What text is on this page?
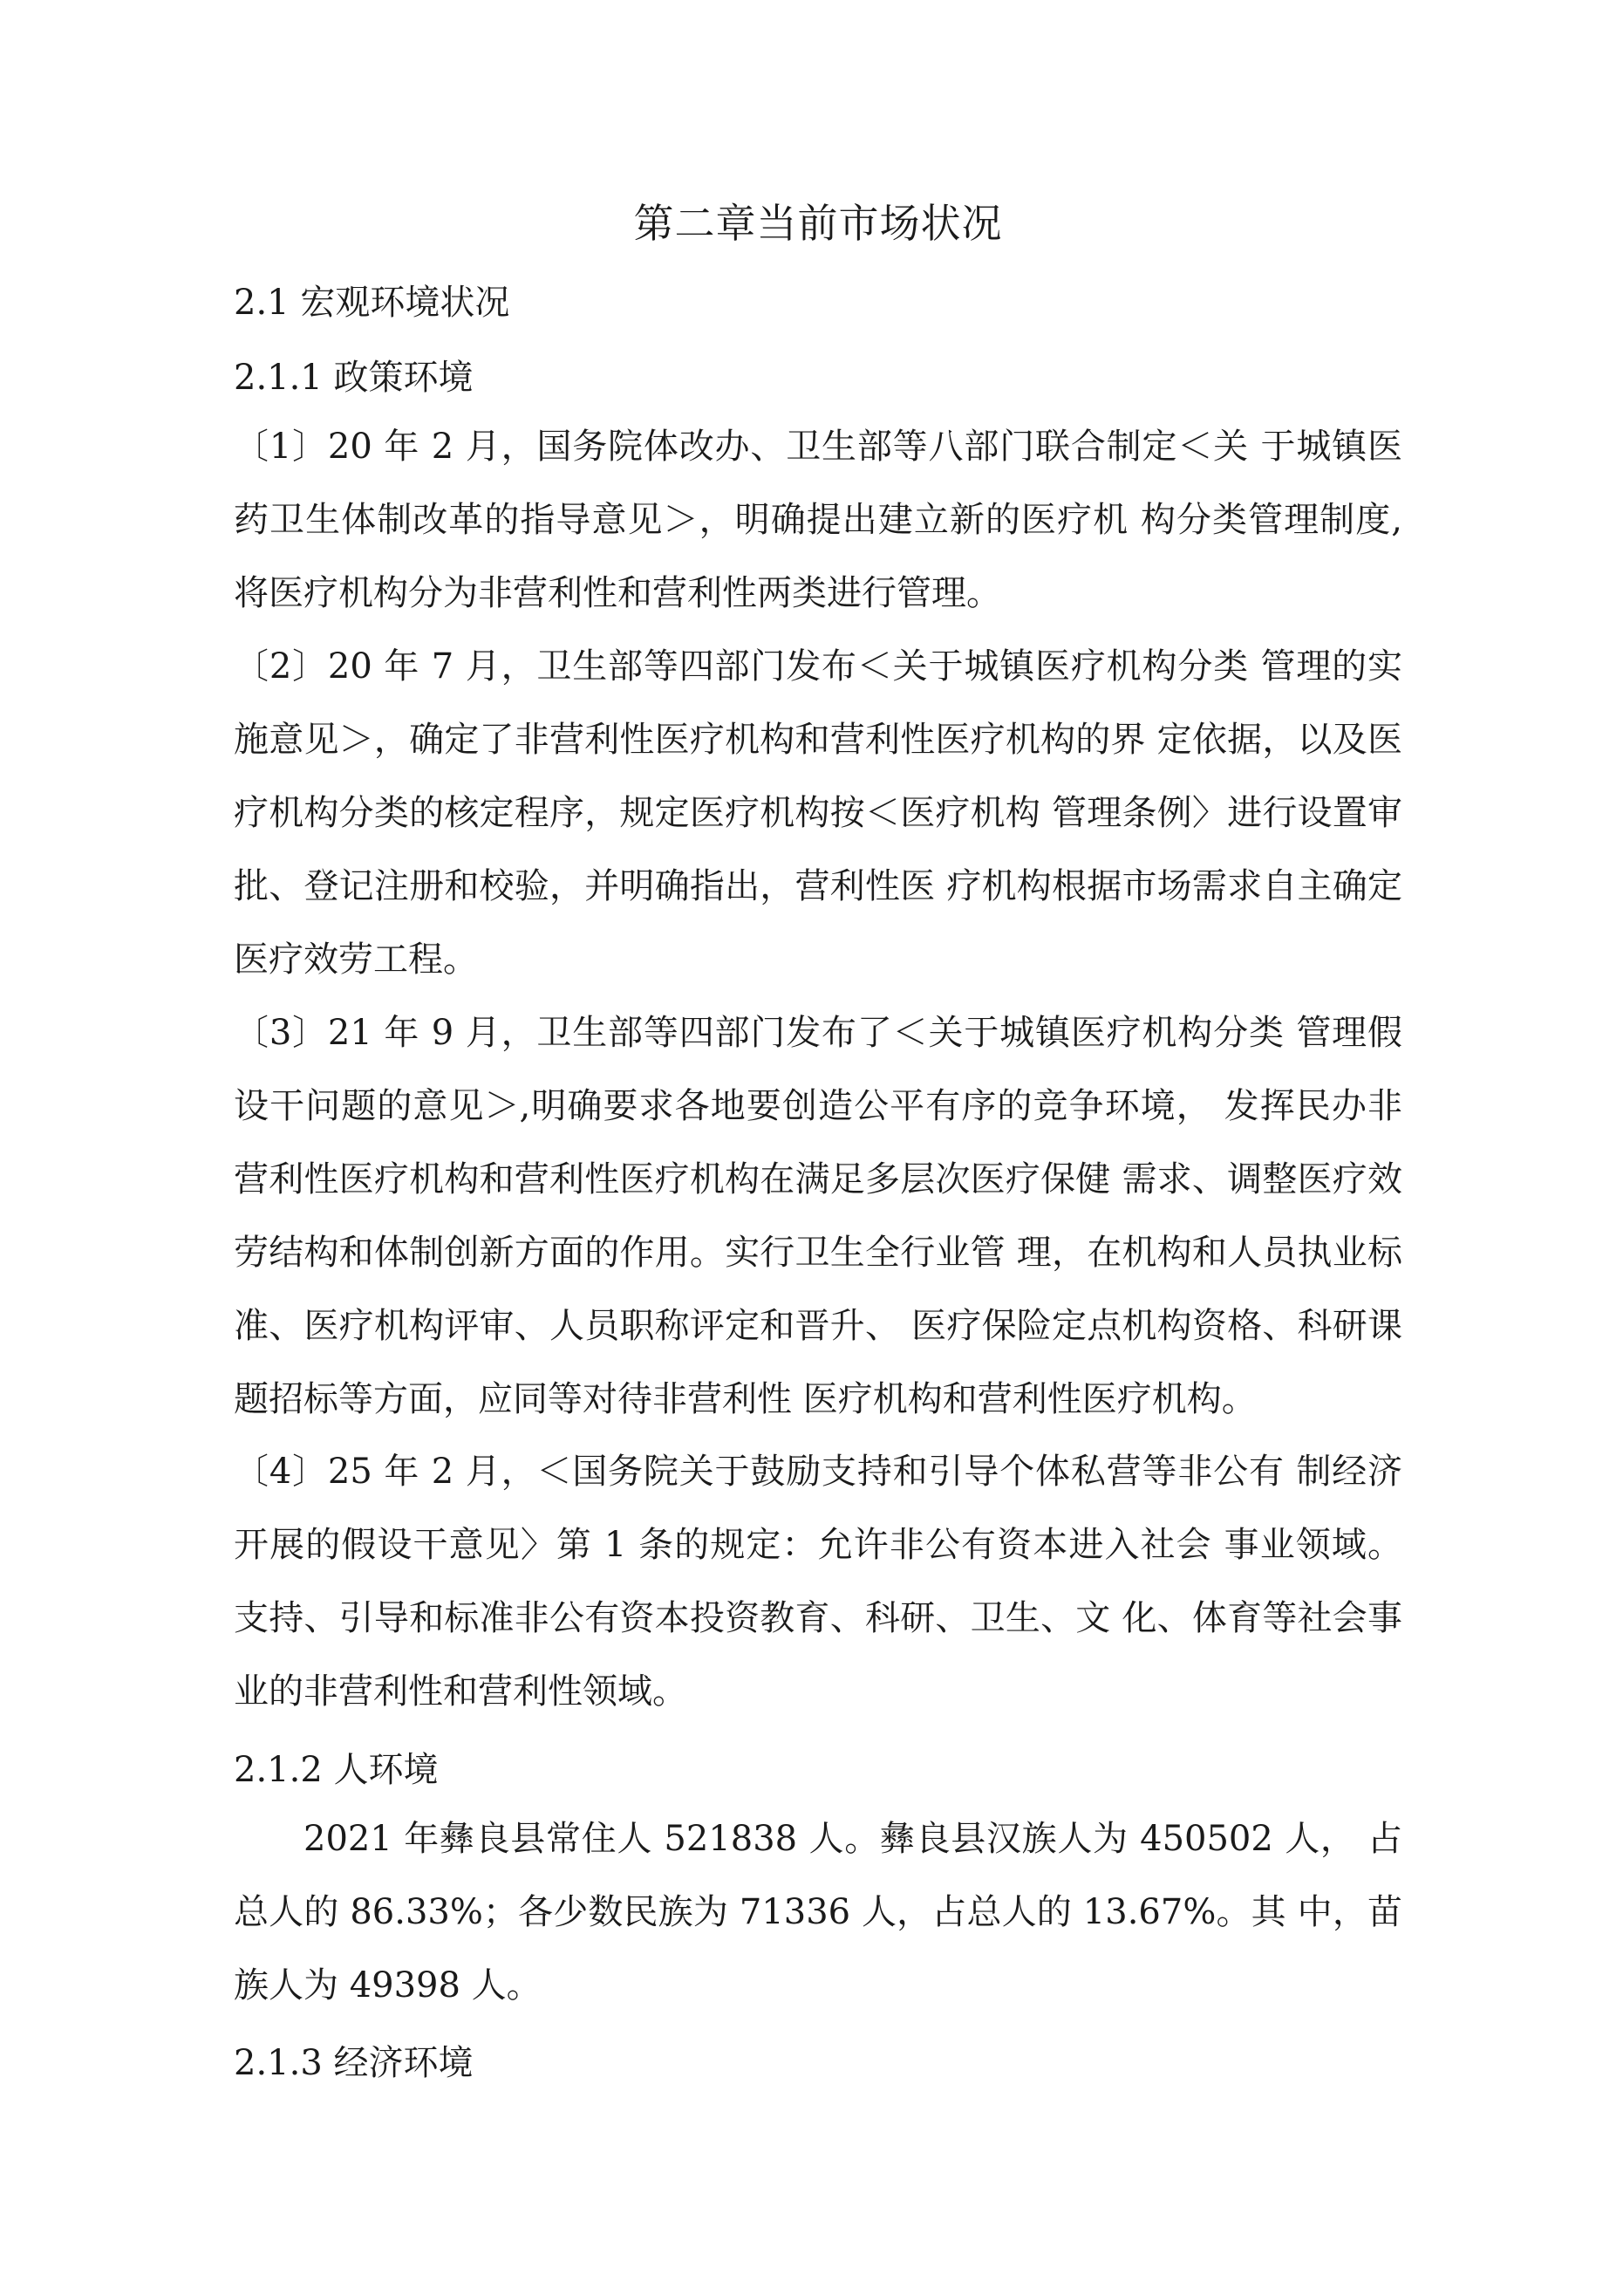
第二章当前市场状况
2.1 宏观环境状况
2.1.1 政策环境

〔1〕20 年 2 月，国务院体改办、卫生部等八部门联合制定＜关 于城镇医药卫生体制改革的指导意见＞，明确提出建立新的医疗机 构分类管理制度,将医疗机构分为非营利性和营利性两类进行管理。

〔2〕20 年 7 月，卫生部等四部门发布＜关于城镇医疗机构分类 管理的实施意见＞，确定了非营利性医疗机构和营利性医疗机构的界 定依据，以及医疗机构分类的核定程序，规定医疗机构按＜医疗机构 管理条例〉进行设置审批、登记注册和校验，并明确指出，营利性医 疗机构根据市场需求自主确定医疗效劳工程。

〔3〕21 年 9 月，卫生部等四部门发布了＜关于城镇医疗机构分类 管理假设干问题的意见＞,明确要求各地要创造公平有序的竞争环境， 发挥民办非营利性医疗机构和营利性医疗机构在满足多层次医疗保健 需求、调整医疗效劳结构和体制创新方面的作用。实行卫生全行业管 理，在机构和人员执业标准、医疗机构评审、人员职称评定和晋升、 医疗保险定点机构资格、科研课题招标等方面，应同等对待非营利性 医疗机构和营利性医疗机构。

〔4〕25 年 2 月，＜国务院关于鼓励支持和引导个体私营等非公有 制经济开展的假设干意见〉第 1 条的规定：允许非公有资本进入社会 事业领域。支持、引导和标准非公有资本投资教育、科研、卫生、文 化、体育等社会事业的非营利性和营利性领域。

2.1.2 人环境

2021 年彝良县常住人 521838 人。彝良县汉族人为 450502 人， 占总人的 86.33%；各少数民族为 71336 人，占总人的 13.67%。其 中，苗族人为 49398 人。

2.1.3 经济环境
